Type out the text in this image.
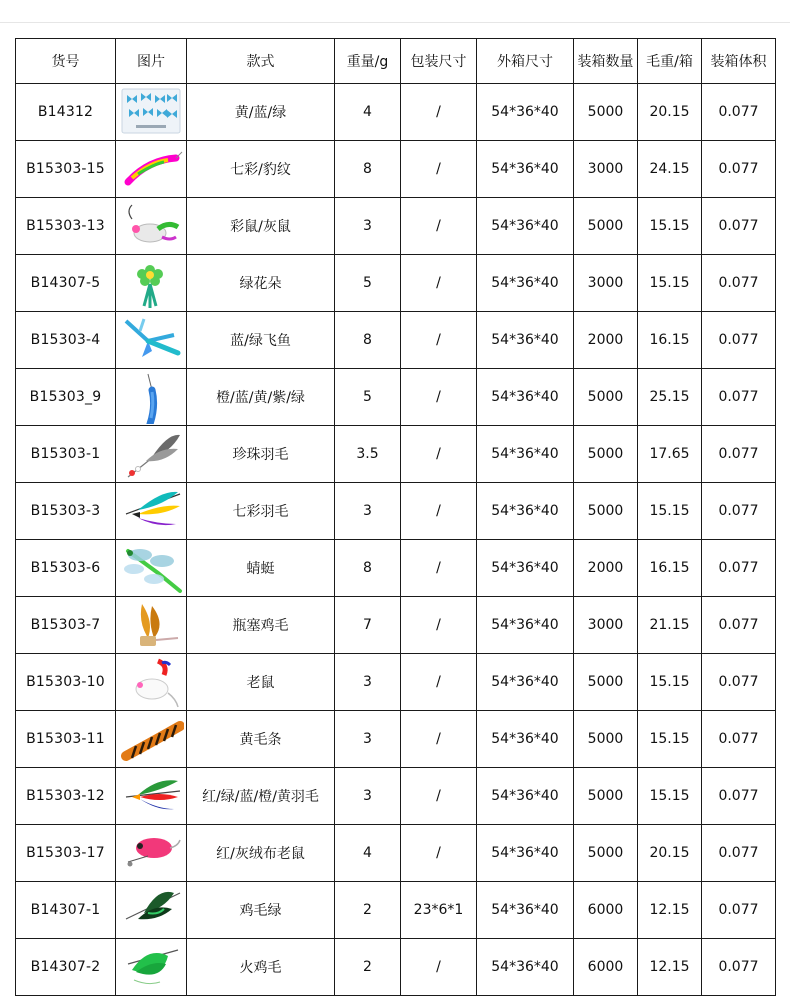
货号	图片	款式	重量/g	包装尺寸	外箱尺寸	装箱数量	毛重/箱	装箱体积
B14312		黄/蓝/绿	4	/	54*36*40	5000	20.15	0.077
B15303-15		七彩/豹纹	8	/	54*36*40	3000	24.15	0.077
B15303-13		彩鼠/灰鼠	3	/	54*36*40	5000	15.15	0.077
B14307-5		绿花朵	5	/	54*36*40	3000	15.15	0.077
B15303-4		蓝/绿飞鱼	8	/	54*36*40	2000	16.15	0.077
B15303_9		橙/蓝/黄/紫/绿	5	/	54*36*40	5000	25.15	0.077
B15303-1		珍珠羽毛	3.5	/	54*36*40	5000	17.65	0.077
B15303-3		七彩羽毛	3	/	54*36*40	5000	15.15	0.077
B15303-6		蜻蜓	8	/	54*36*40	2000	16.15	0.077
B15303-7		瓶塞鸡毛	7	/	54*36*40	3000	21.15	0.077
B15303-10		老鼠	3	/	54*36*40	5000	15.15	0.077
B15303-11		黄毛条	3	/	54*36*40	5000	15.15	0.077
B15303-12		红/绿/蓝/橙/黄羽毛	3	/	54*36*40	5000	15.15	0.077
B15303-17		红/灰绒布老鼠	4	/	54*36*40	5000	20.15	0.077
B14307-1		鸡毛绿	2	23*6*1	54*36*40	6000	12.15	0.077
B14307-2		火鸡毛	2	/	54*36*40	6000	12.15	0.077
